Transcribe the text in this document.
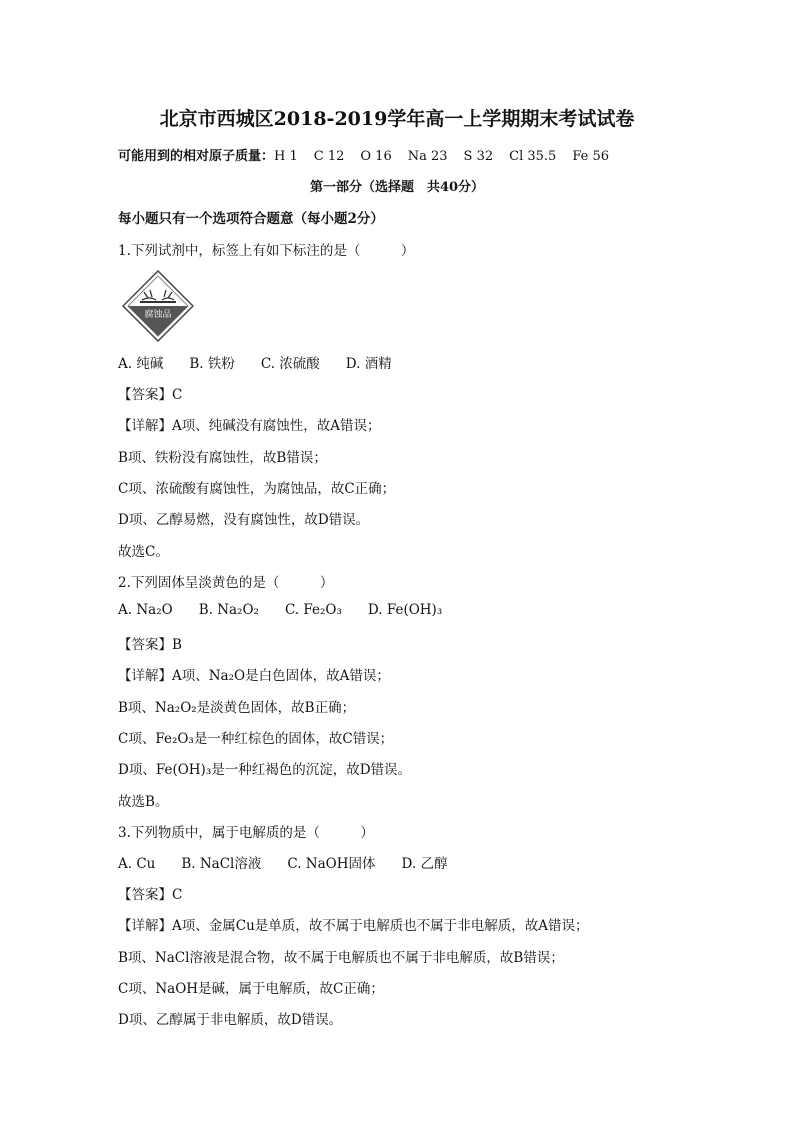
北京市西城区2018-2019学年高一上学期期末考试试卷
可能用到的相对原子质量：H 1 C 12 O 16 Na 23 S 32 Cl 35.5 Fe 56
第一部分（选择题　共40分）
每小题只有一个选项符合题意（每小题2分）
1.下列试剂中，标签上有如下标注的是（　　　）
腐蚀品
A. 纯碱 B. 铁粉 C. 浓硫酸 D. 酒精
【答案】C
【详解】A项、纯碱没有腐蚀性，故A错误；
B项、铁粉没有腐蚀性，故B错误；
C项、浓硫酸有腐蚀性，为腐蚀品，故C正确；
D项、乙醇易燃，没有腐蚀性，故D错误。
故选C。
2.下列固体呈淡黄色的是（　　　）
A. Na₂O B. Na₂O₂ C. Fe₂O₃ D. Fe(OH)₃
【答案】B
【详解】A项、Na₂O是白色固体，故A错误；
B项、Na₂O₂是淡黄色固体，故B正确；
C项、Fe₂O₃是一种红棕色的固体，故C错误；
D项、Fe(OH)₃是一种红褐色的沉淀，故D错误。
故选B。
3.下列物质中，属于电解质的是（　　　）
A. Cu B. NaCl溶液 C. NaOH固体 D. 乙醇
【答案】C
【详解】A项、金属Cu是单质，故不属于电解质也不属于非电解质，故A错误；
B项、NaCl溶液是混合物，故不属于电解质也不属于非电解质，故B错误；
C项、NaOH是碱，属于电解质，故C正确；
D项、乙醇属于非电解质，故D错误。
